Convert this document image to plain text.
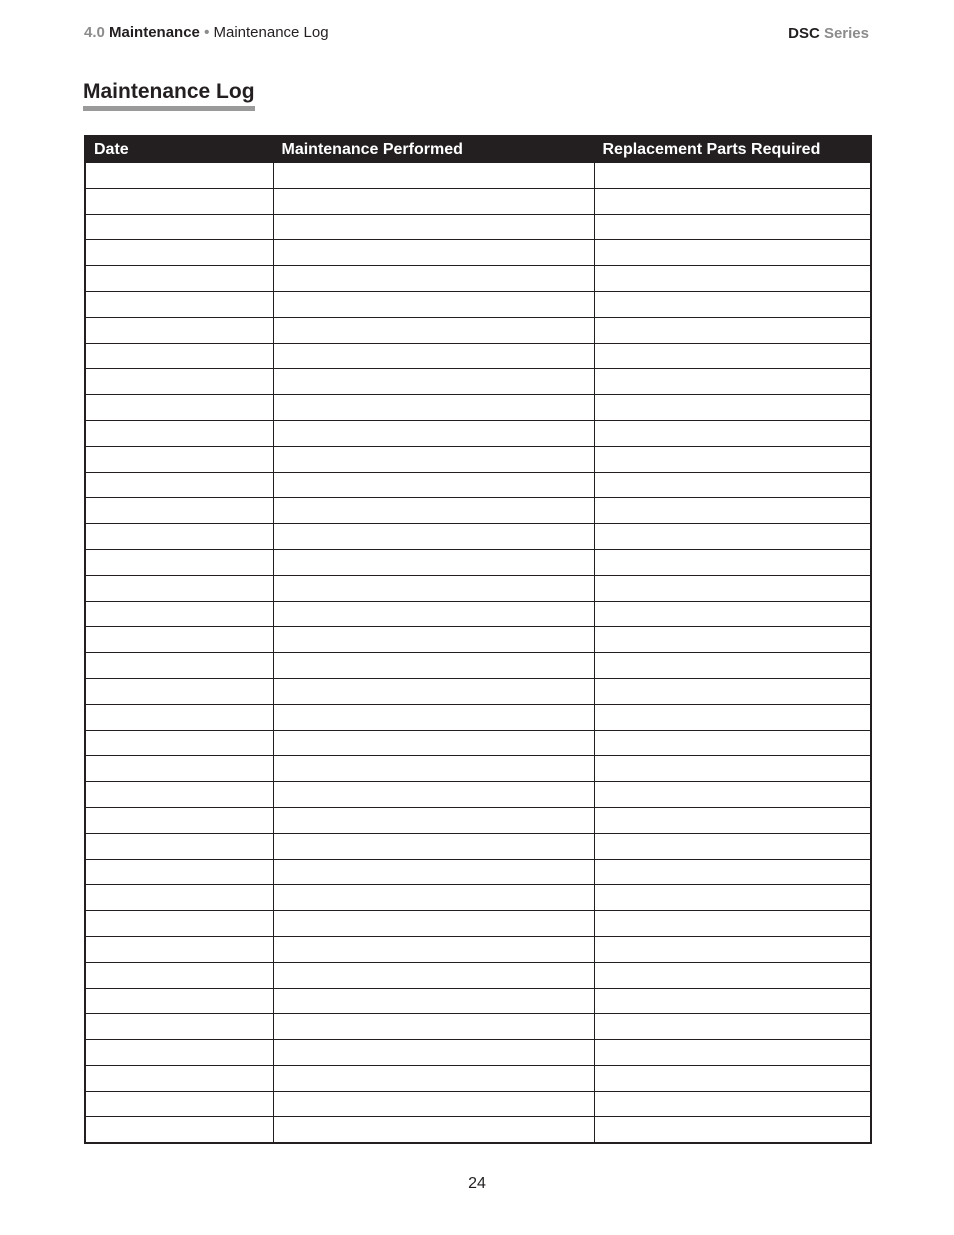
4.0 Maintenance • Maintenance Log	DSC Series
Maintenance Log
Date	Maintenance Performed	Replacement Parts Required

24
